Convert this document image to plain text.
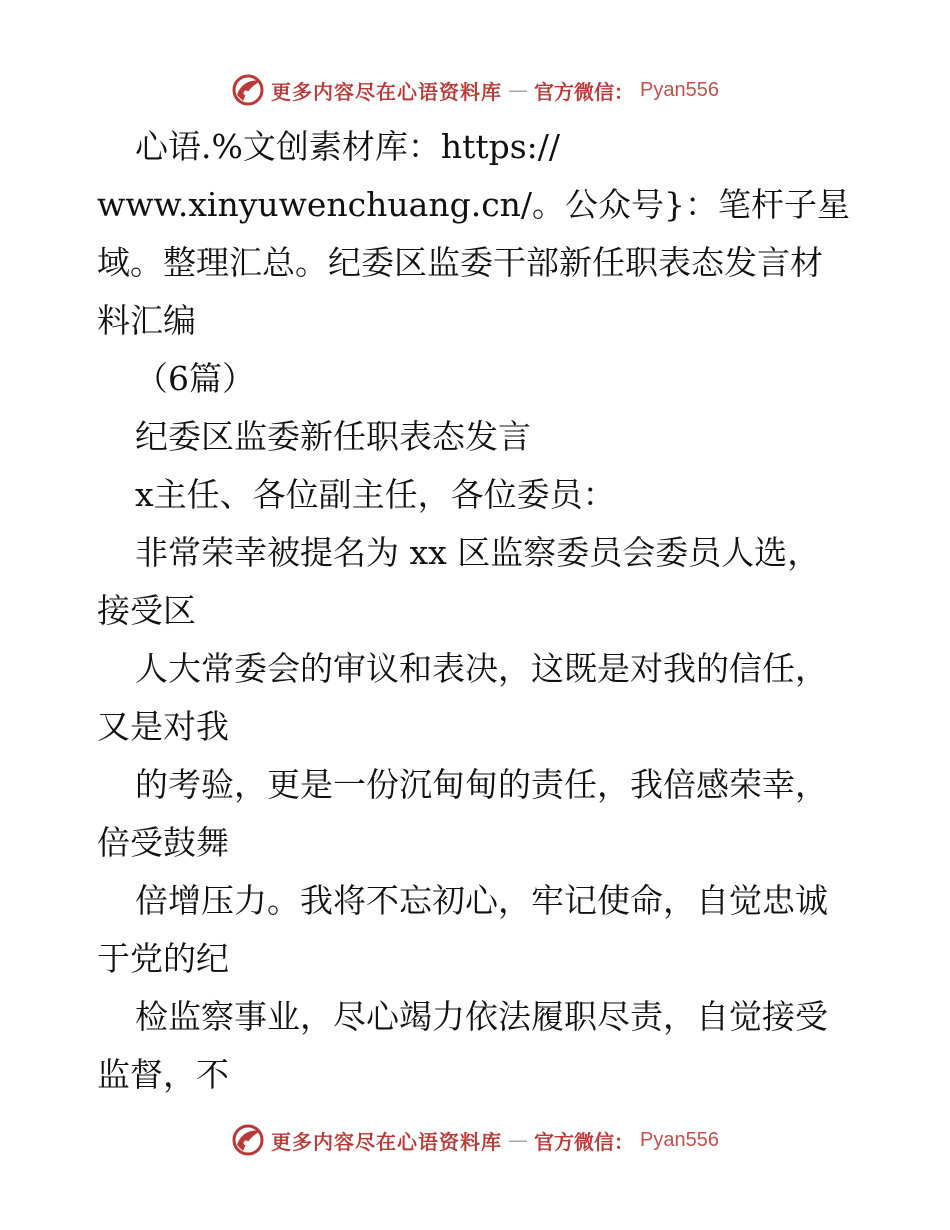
更多内容尽在心语资料库 — 官方微信： Pyan556
心语.%文创素材库：https://
www.xinyuwenchuang.cn/。公众号}：笔杆子星
域。整理汇总。纪委区监委干部新任职表态发言材
料汇编
（6篇）
纪委区监委新任职表态发言
x主任、各位副主任，各位委员：
非常荣幸被提名为 xx 区监察委员会委员人选，
接受区
人大常委会的审议和表决，这既是对我的信任，
又是对我
的考验，更是一份沉甸甸的责任，我倍感荣幸，
倍受鼓舞
倍增压力。我将不忘初心，牢记使命，自觉忠诚
于党的纪
检监察事业，尽心竭力依法履职尽责，自觉接受
监督，不
更多内容尽在心语资料库 — 官方微信： Pyan556
